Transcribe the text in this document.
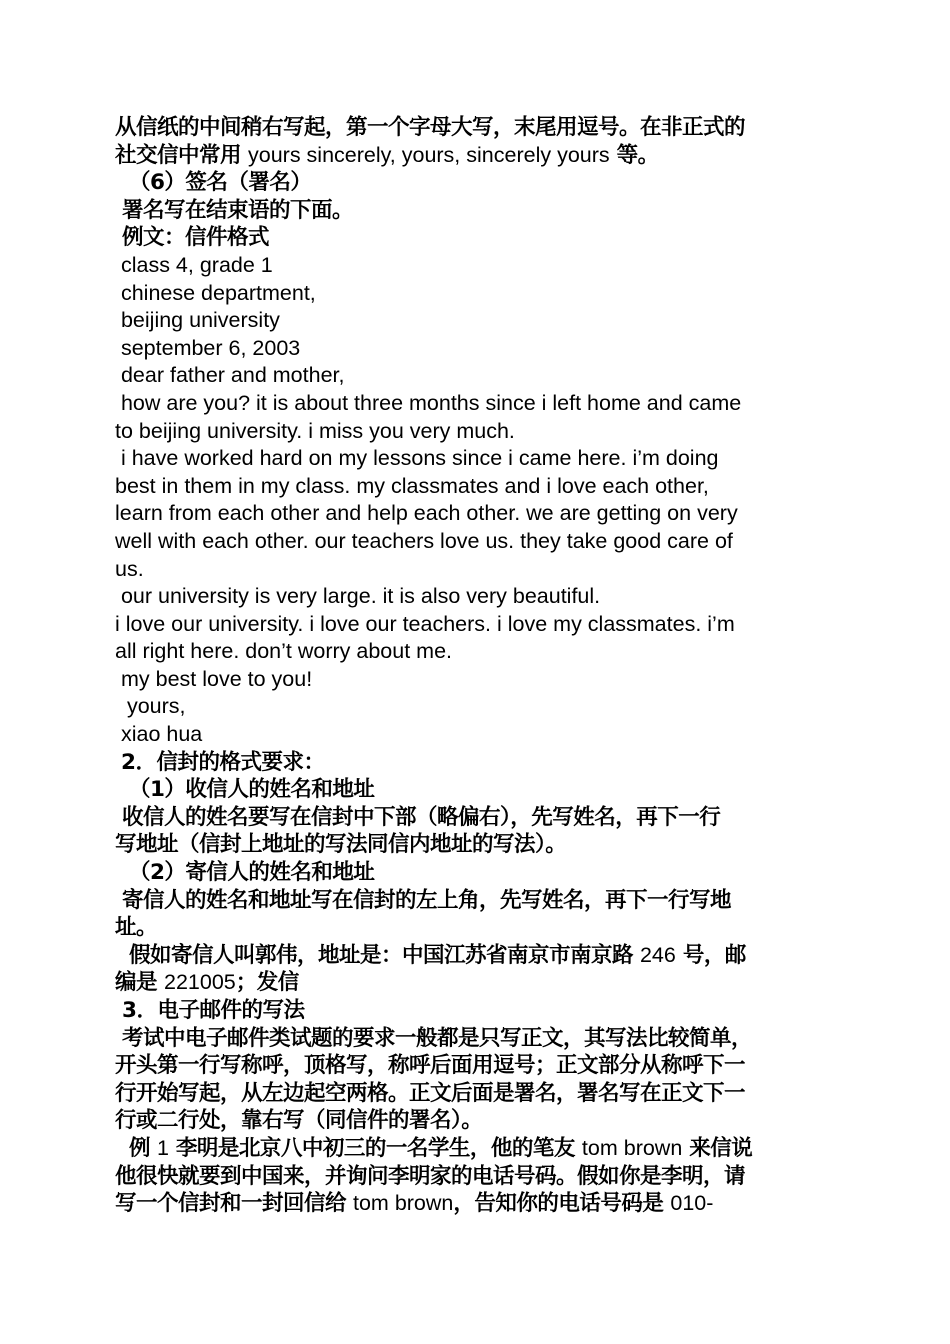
从信纸的中间稍右写起，第一个字母大写，末尾用逗号。在非正式的
社交信中常用 yours sincerely, yours, sincerely yours 等。
（6）签名（署名）
署名写在结束语的下面。
例文：信件格式
class 4, grade 1
chinese department,
beijing university
september 6, 2003
dear father and mother,
how are you? it is about three months since i left home and came
to beijing university. i miss you very much.
i have worked hard on my lessons since i came here. i’m doing
best in them in my class. my classmates and i love each other,
learn from each other and help each other. we are getting on very
well with each other. our teachers love us. they take good care of
us.
our university is very large. it is also very beautiful.
i love our university. i love our teachers. i love my classmates. i’m
all right here. don’t worry about me.
my best love to you!
yours,
xiao hua
2．信封的格式要求：
（1）收信人的姓名和地址
收信人的姓名要写在信封中下部（略偏右），先写姓名，再下一行
写地址（信封上地址的写法同信内地址的写法）。
（2）寄信人的姓名和地址
寄信人的姓名和地址写在信封的左上角，先写姓名，再下一行写地
址。
假如寄信人叫郭伟，地址是：中国江苏省南京市南京路 246 号，邮
编是 221005；发信
3．电子邮件的写法
考试中电子邮件类试题的要求一般都是只写正文，其写法比较简单，
开头第一行写称呼，顶格写，称呼后面用逗号；正文部分从称呼下一
行开始写起，从左边起空两格。正文后面是署名，署名写在正文下一
行或二行处，靠右写（同信件的署名）。
例 1 李明是北京八中初三的一名学生，他的笔友 tom brown 来信说
他很快就要到中国来，并询问李明家的电话号码。假如你是李明，请
写一个信封和一封回信给 tom brown，告知你的电话号码是 010-
